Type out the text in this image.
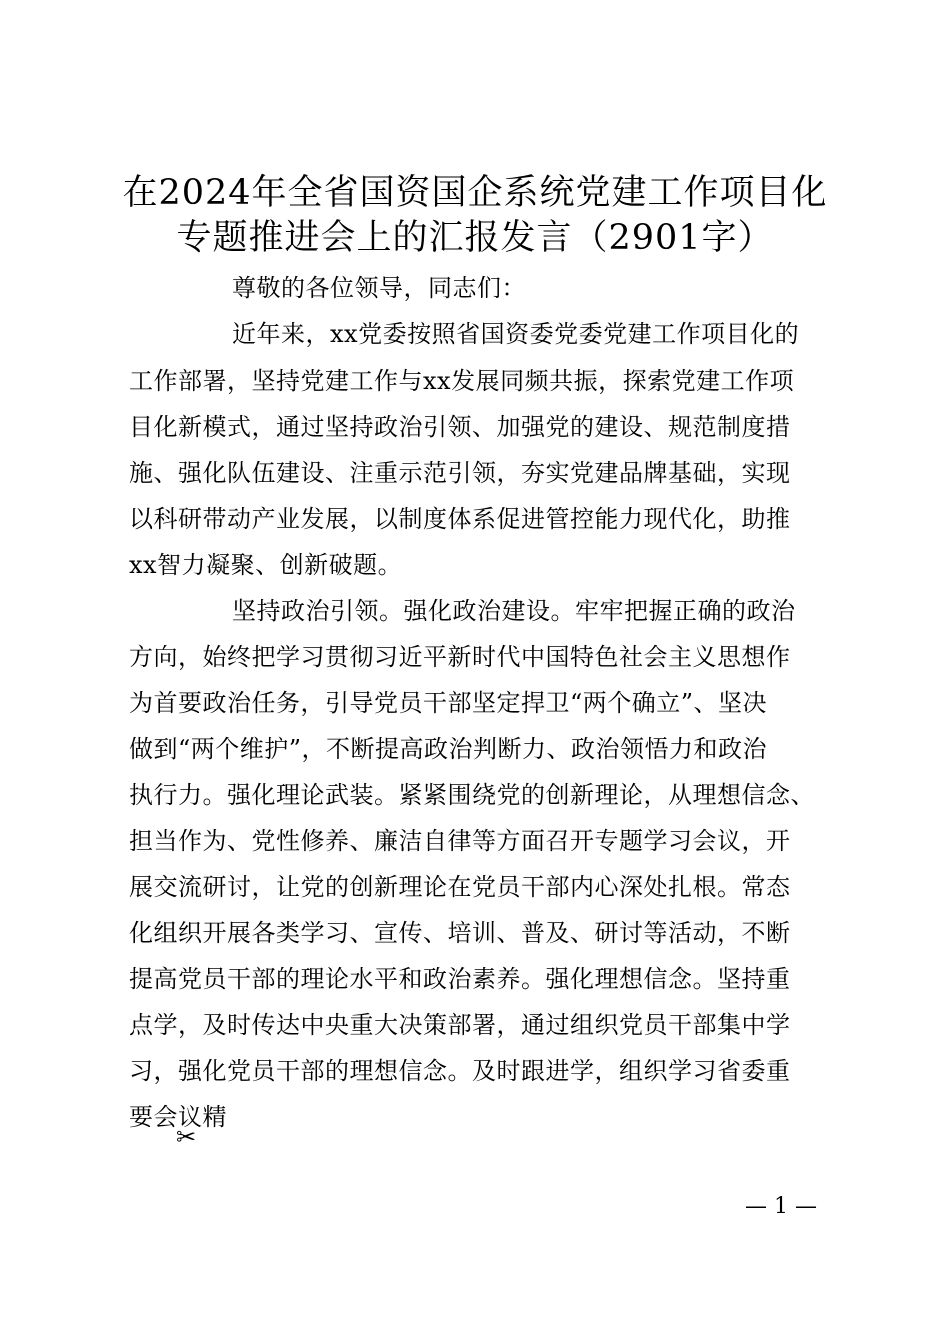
在2024年全省国资国企系统党建工作项目化
专题推进会上的汇报发言（2901字）
尊敬的各位领导，同志们：
近年来，xx党委按照省国资委党委党建工作项目化的
工作部署，坚持党建工作与xx发展同频共振，探索党建工作项
目化新模式，通过坚持政治引领、加强党的建设、规范制度措
施、强化队伍建设、注重示范引领，夯实党建品牌基础，实现
以科研带动产业发展，以制度体系促进管控能力现代化，助推
xx智力凝聚、创新破题。
坚持政治引领。强化政治建设。牢牢把握正确的政治
方向，始终把学习贯彻习近平新时代中国特色社会主义思想作
为首要政治任务，引导党员干部坚定捍卫“两个确立”、坚决
做到“两个维护”，不断提高政治判断力、政治领悟力和政治
执行力。强化理论武装。紧紧围绕党的创新理论，从理想信念、
担当作为、党性修养、廉洁自律等方面召开专题学习会议，开
展交流研讨，让党的创新理论在党员干部内心深处扎根。常态
化组织开展各类学习、宣传、培训、普及、研讨等活动，不断
提高党员干部的理论水平和政治素养。强化理想信念。坚持重
点学，及时传达中央重大决策部署，通过组织党员干部集中学
习，强化党员干部的理想信念。及时跟进学，组织学习省委重
要会议精
✂
— 1 —
